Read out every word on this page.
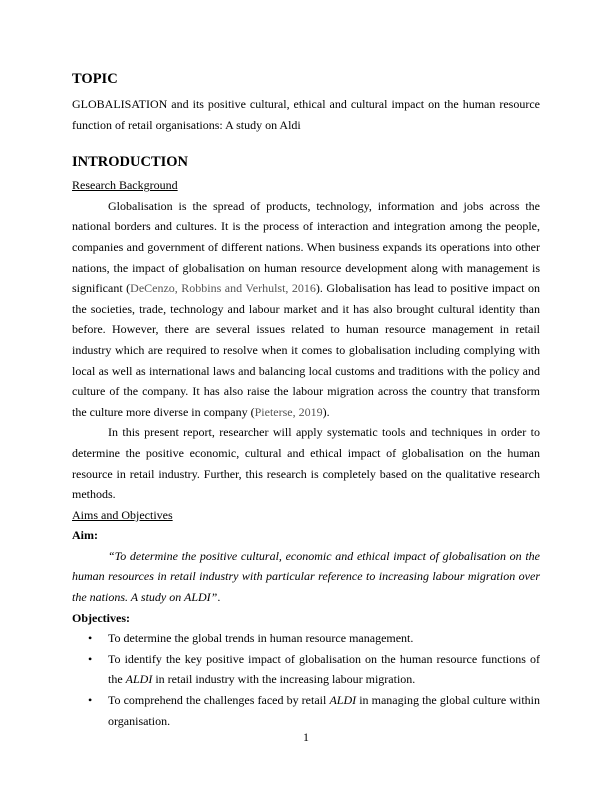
TOPIC

GLOBALISATION and its positive cultural, ethical and cultural impact on the human resource function of retail organisations: A study on Aldi

INTRODUCTION

Research Background

Globalisation is the spread of products, technology, information and jobs across the national borders and cultures. It is the process of interaction and integration among the people, companies and government of different nations. When business expands its operations into other nations, the impact of globalisation on human resource development along with management is significant (DeCenzo, Robbins and Verhulst, 2016). Globalisation has lead to positive impact on the societies, trade, technology and labour market and it has also brought cultural identity than before. However, there are several issues related to human resource management in retail industry which are required to resolve when it comes to globalisation including complying with local as well as international laws and balancing local customs and traditions with the policy and culture of the company. It has also raise the labour migration across the country that transform the culture more diverse in company (Pieterse, 2019).

In this present report, researcher will apply systematic tools and techniques in order to determine the positive economic, cultural and ethical impact of globalisation on the human resource in retail industry. Further, this research is completely based on the qualitative research methods.

Aims and Objectives

Aim:

“To determine the positive cultural, economic and ethical impact of globalisation on the human resources in retail industry with particular reference to increasing labour migration over the nations. A study on ALDI”.

Objectives:

• To determine the global trends in human resource management.
• To identify the key positive impact of globalisation on the human resource functions of the ALDI in retail industry with the increasing labour migration.
• To comprehend the challenges faced by retail ALDI in managing the global culture within organisation.
1
